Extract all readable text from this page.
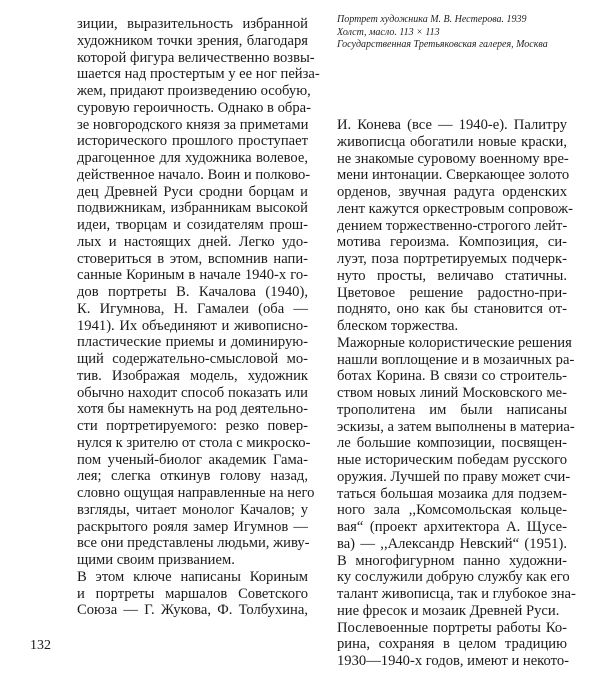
Портрет художника М. В. Нестерова. 1939
Холст, масло. 113 × 113
Государственная Третьяковская галерея, Москва
зиции, выразительность избранной
художником точки зрения, благодаря
которой фигура величественно возвы-
шается над простертым у ее ног пейза-
жем, придают произведению особую,
суровую героичность. Однако в обра-
зе новгородского князя за приметами
исторического прошлого проступает
драгоценное для художника волевое,
действенное начало. Воин и полково-
дец Древней Руси сродни борцам и
подвижникам, избранникам высокой
идеи, творцам и созидателям прош-
лых и настоящих дней. Легко удо-
стовериться в этом, вспомнив напи-
санные Кориным в начале 1940-х го-
дов портреты В. Качалова (1940),
К. Игумнова, Н. Гамалеи (оба —
1941). Их объединяют и живописно-
пластические приемы и доминирую-
щий содержательно-смысловой мо-
тив. Изображая модель, художник
обычно находит способ показать или
хотя бы намекнуть на род деятельно-
сти портретируемого: резко повер-
нулся к зрителю от стола с микроско-
пом ученый-биолог академик Гама-
лея; слегка откинув голову назад,
словно ощущая направленные на него
взгляды, читает монолог Качалов; у
раскрытого рояля замер Игумнов —
все они представлены людьми, живу-
щими своим призванием.
В этом ключе написаны Кориным
и портреты маршалов Советского
Союза — Г. Жукова, Ф. Толбухина,
И. Конева (все — 1940-е). Палитру
живописца обогатили новые краски,
не знакомые суровому военному вре-
мени интонации. Сверкающее золото
орденов, звучная радуга орденских
лент кажутся оркестровым сопровож-
дением торжественно-строгого лейт-
мотива героизма. Композиция, си-
луэт, поза портретируемых подчерк-
нуто просты, величаво статичны.
Цветовое решение радостно-при-
поднято, оно как бы становится от-
блеском торжества.
Мажорные колористические решения
нашли воплощение и в мозаичных ра-
ботах Корина. В связи со строитель-
ством новых линий Московского ме-
трополитена им были написаны
эскизы, а затем выполнены в материа-
ле большие композиции, посвящен-
ные историческим победам русского
оружия. Лучшей по праву может счи-
таться большая мозаика для подзем-
ного зала ,,Комсомольская кольце-
вая“ (проект архитектора А. Щусе-
ва) — ,,Александр Невский“ (1951).
В многофигурном панно художни-
ку сослужили добрую службу как его
талант живописца, так и глубокое зна-
ние фресок и мозаик Древней Руси.
Послевоенные портреты работы Ко-
рина, сохраняя в целом традицию
1930—1940-х годов, имеют и некото-
132
